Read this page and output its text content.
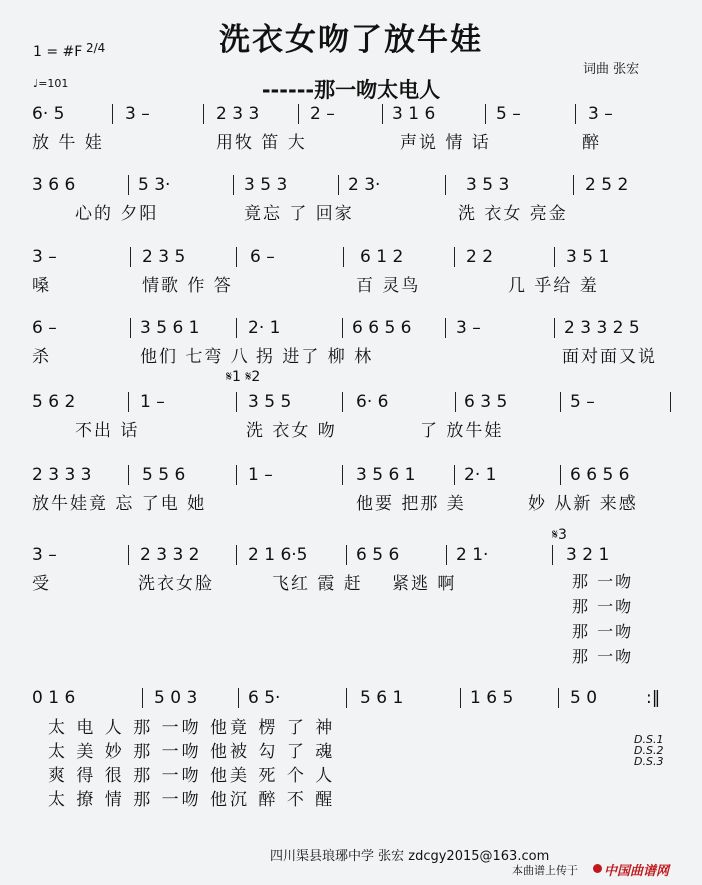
洗衣女吻了放牛娃
------那一吻太电人
词曲 张宏
1 = #F 2/4
♩=101
6· 5	3 –	2 3 3	2 –	3 1 6	5 –	3 –
放 牛 娃	用牧 笛 大	声说 情 话	醉
3 6 6	5 3·	3 5 3	2 3·	3 5 3	2 5 2
心的 夕阳	竟忘 了 回家	洗 衣女 亮金
3 –	2 3 5	6 –	6 1 2	2 2	3 5 1
嗓	情歌 作 答	百 灵鸟	几 乎给 羞
6 –	3 5 6 1	2· 1	6 6 5 6	3 –	2 3 3 2 5
杀	他们 七弯 八 拐 进了 柳 林	面对面又说
𝄋1 𝄋2
5 6 2	1 –	3 5 5	6· 6	6 3 5	5 –
不出 话	洗 衣女 吻	了 放牛娃
2 3 3 3	5 5 6	1 –	3 5 6 1	2· 1	6 6 5 6
放牛娃竟 忘 了电 她	他要 把那 美	妙 从新 来感
𝄋3
3 –	2 3 3 2	2 1 6·5	6 5 6	2 1·	3 2 1
受	洗衣女脸	飞红 霞 赶 紧逃 啊	那 一吻
那 一吻
那 一吻
那 一吻
0 1 6	5 0 3	6 5·	5 6 1	1 6 5	5 0	:‖
太 电 人 那 一吻 他竟 楞 了 神
太 美 妙 那 一吻 他被 勾 了 魂
爽 得 很 那 一吻 他美 死 个 人
太 撩 情 那 一吻 他沉 醉 不 醒
D.S.1
D.S.2
D.S.3
四川渠县琅琊中学 张宏 zdcgy2015@163.com
本曲谱上传于 中国曲谱网
